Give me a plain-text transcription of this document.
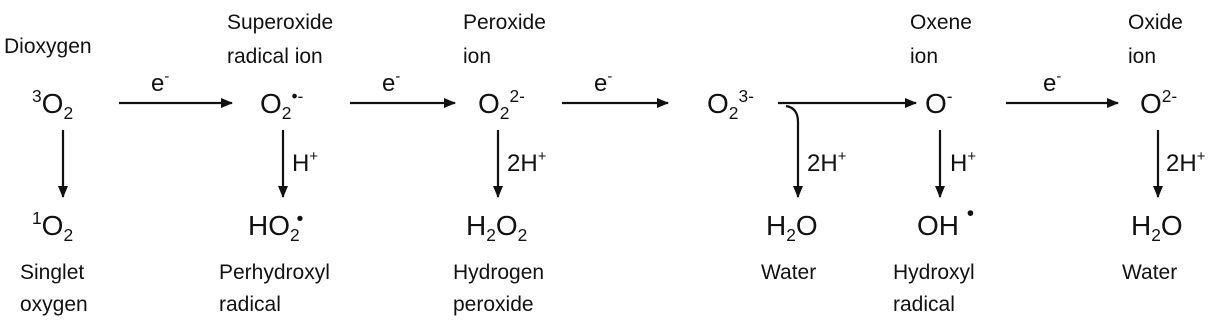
Dioxygen
Superoxide
radical ion
Peroxide
ion
Oxene
ion
Oxide
ion
$^3O_2$	$O_2^{•-}$	$O_2^{2-}$	$O_2^{3-}$	O-	$O^{2-}$
e-	e-	e-	e-
H+	2H+	2H+	H+	2H+
$^1O_2$	$HO_2•$	$H_2O_2$	$H_2O$	OH •	$H_2O$
Singlet
oxygen
Perhydroxyl
radical
Hydrogen
peroxide
Water	Hydroxyl
radical
Water
